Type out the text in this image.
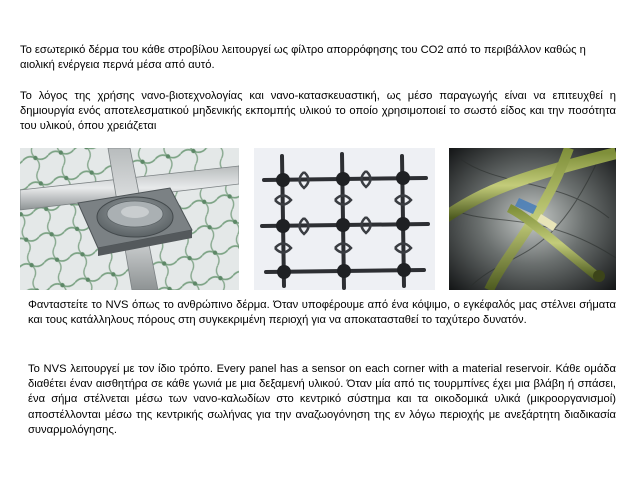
Το εσωτερικό δέρμα του κάθε στροβίλου λειτουργεί ως φίλτρο απορρόφησης του CO2 από το περιβάλλον καθώς η αιολική ενέργεια περνά μέσα από αυτό.

Το λόγος της χρήσης νανο-βιοτεχνολογίας και νανο-κατασκευαστική, ως μέσο παραγωγής είναι να επιτευχθεί η δημιουργία ενός αποτελεσματικού μηδενικής εκπομπής υλικού το οποίο χρησιμοποιεί το σωστό είδος και την ποσότητα του υλικού, όπου χρειάζεται

Φανταστείτε το NVS όπως το ανθρώπινο δέρμα. Όταν υποφέρουμε από ένα κόψιμο, ο εγκέφαλός μας στέλνει σήματα και τους κατάλληλους πόρους στη συγκεκριμένη περιοχή για να αποκατασταθεί το ταχύτερο δυνατόν.

Το NVS λειτουργεί με τον ίδιο τρόπο. Every panel has a sensor on each corner with a material reservoir. Κάθε ομάδα διαθέτει έναν αισθητήρα σε κάθε γωνιά με μια δεξαμενή υλικού. Όταν μία από τις τουρμπίνες έχει μια βλάβη ή σπάσει, ένα σήμα στέλνεται μέσω των νανο-καλωδίων στο κεντρικό σύστημα και τα οικοδομικά υλικά (μικροοργανισμοί) αποστέλλονται μέσω της κεντρικής σωλήνας για την αναζωογόνηση της εν λόγω περιοχής με ανεξάρτητη διαδικασία συναρμολόγησης.
